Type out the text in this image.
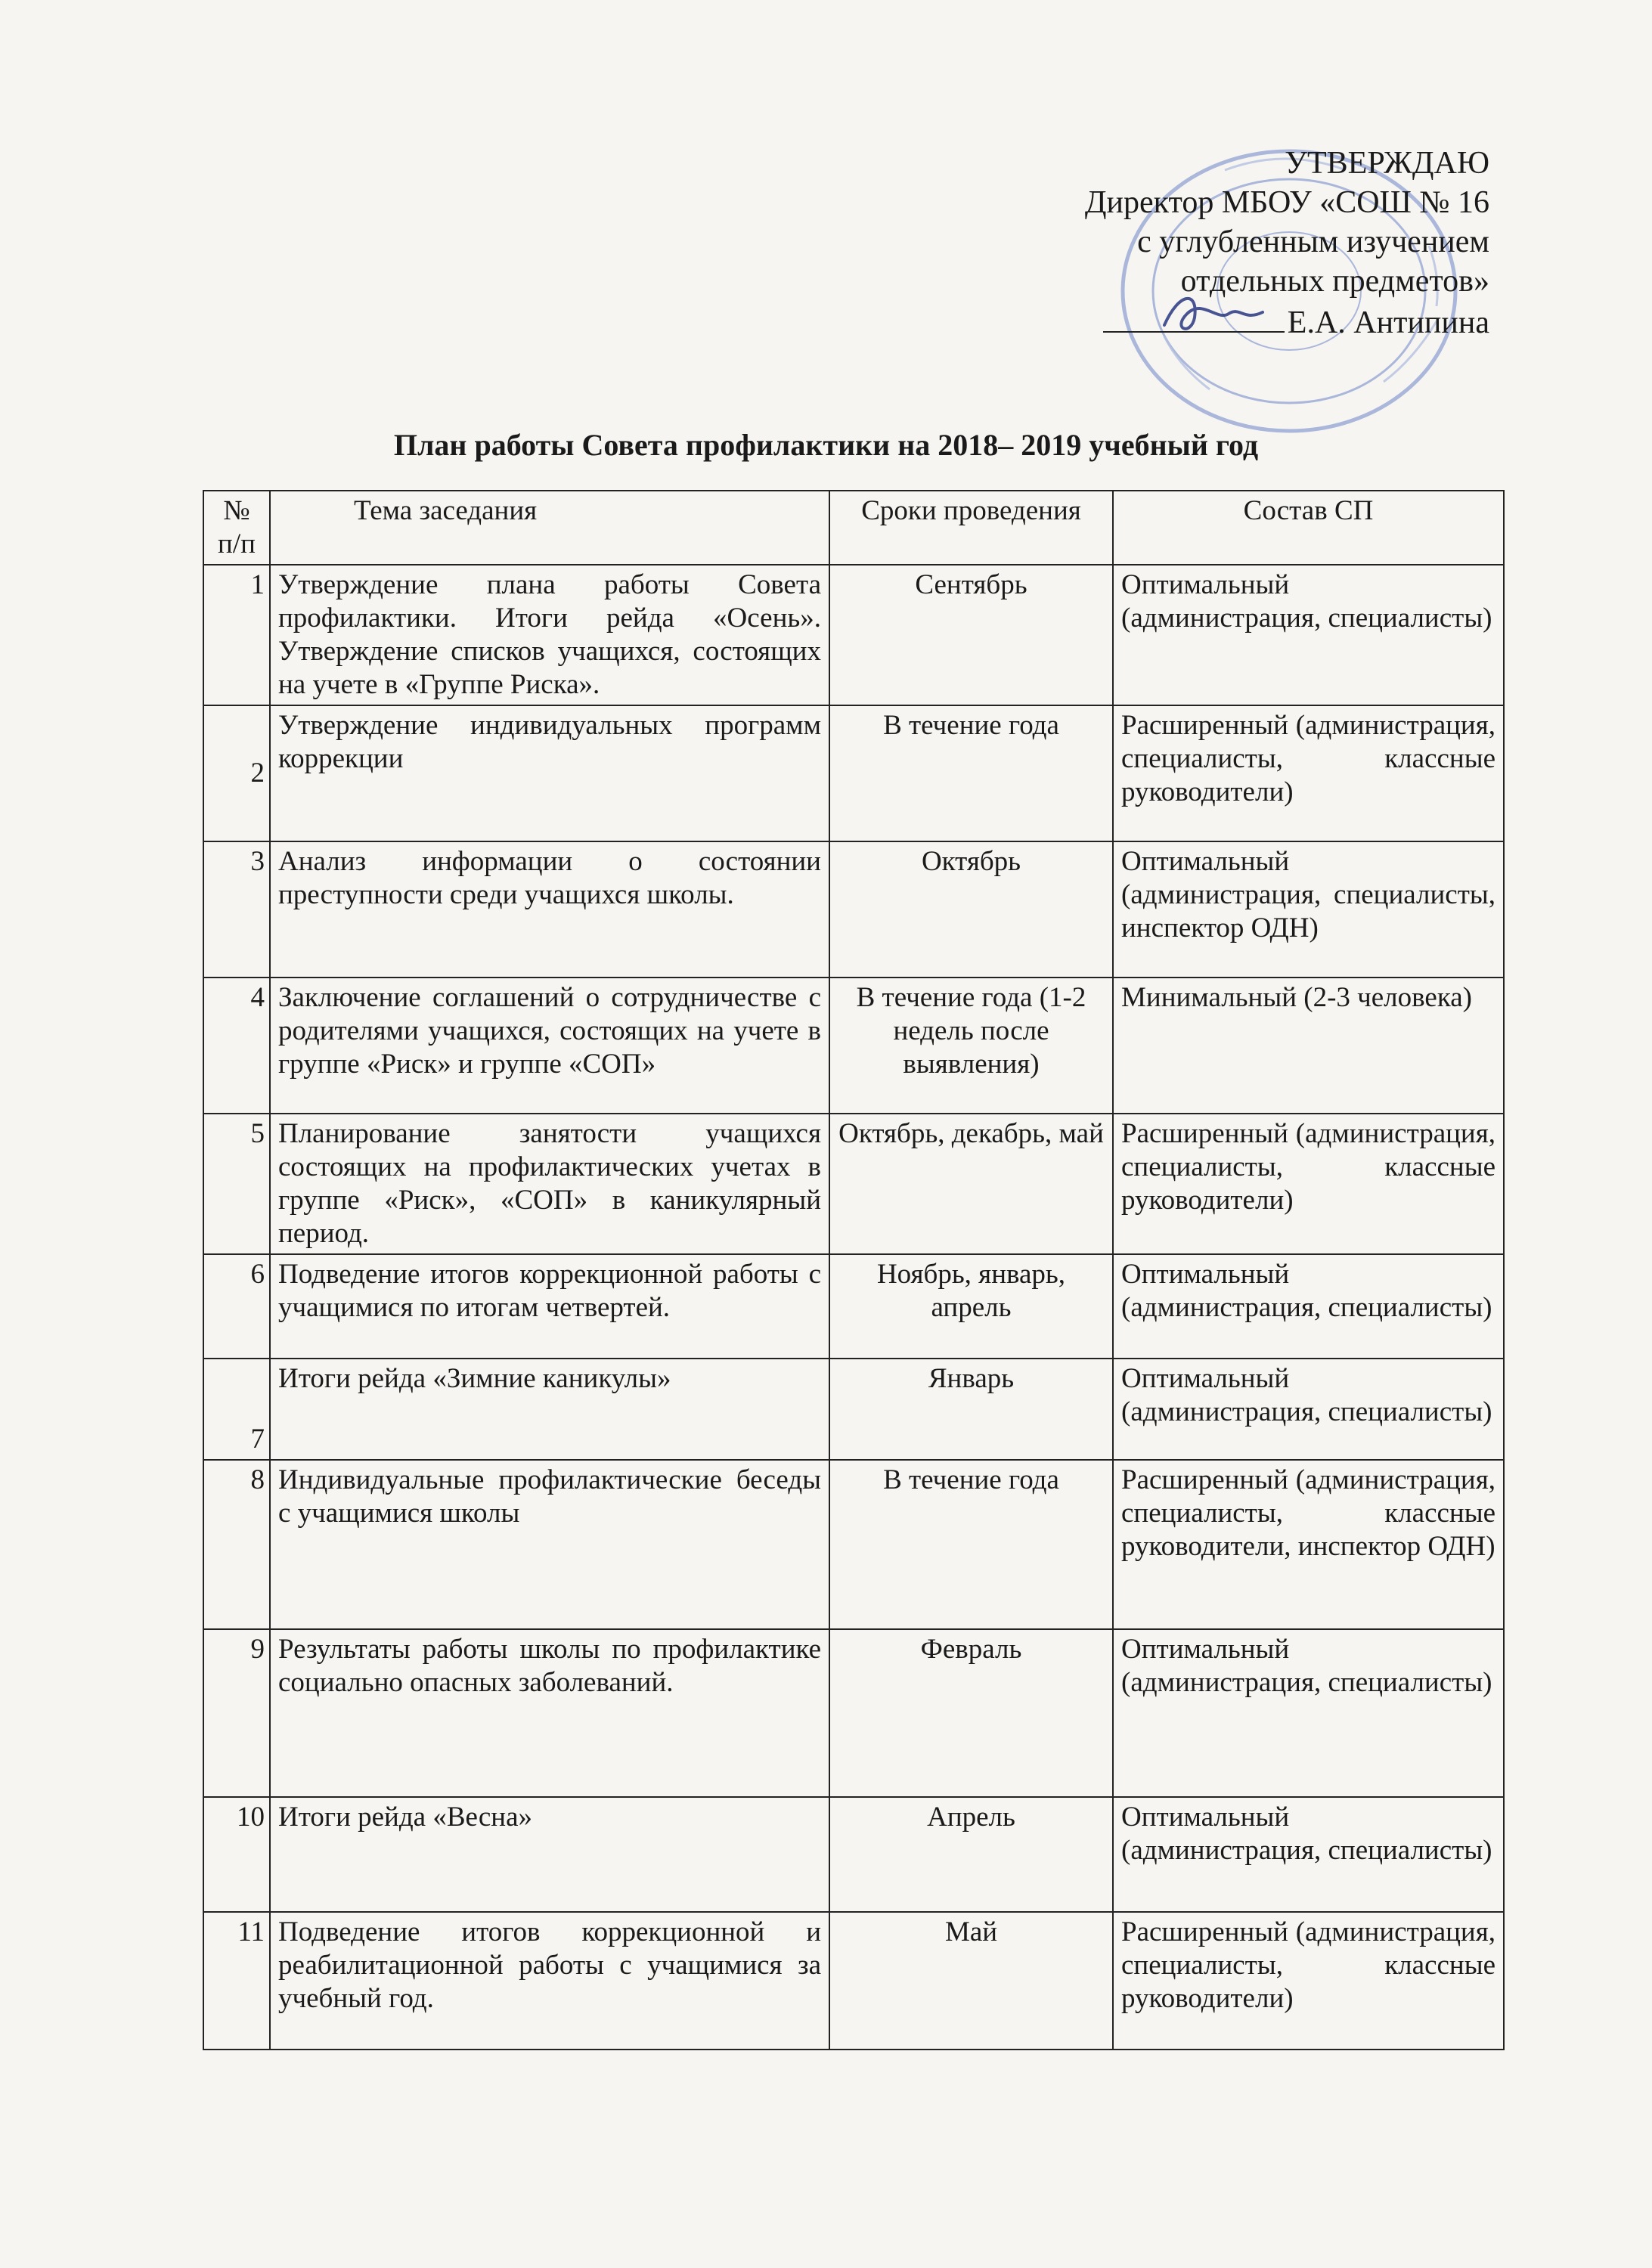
УТВЕРЖДАЮ
Директор МБОУ «СОШ № 16
с углубленным изучением
отдельных предметов»
Е.А. Антипина
План работы Совета профилактики на 2018– 2019 учебный год
№ п/п	Тема заседания	Сроки проведения	Состав СП
1	Утверждение плана работы Совета профилактики. Итоги рейда «Осень». Утверждение списков учащихся, состоящих на учете в «Группе Риска».	Сентябрь	Оптимальный (администрация, специалисты)
2	Утверждение индивидуальных программ коррекции	В течение года	Расширенный (администрация, специалисты, классные руководители)
3	Анализ информации о состоянии преступности среди учащихся школы.	Октябрь	Оптимальный (администрация, специалисты, инспектор ОДН)
4	Заключение соглашений о сотрудничестве с родителями учащихся, состоящих на учете в группе «Риск» и группе «СОП»	В течение года (1-2 недель после выявления)	Минимальный (2-3 человека)
5	Планирование занятости учащихся состоящих на профилактических учетах в группе «Риск», «СОП» в каникулярный период.	Октябрь, декабрь, май	Расширенный (администрация, специалисты, классные руководители)
6	Подведение итогов коррекционной работы с учащимися по итогам четвертей.	Ноябрь, январь, апрель	Оптимальный (администрация, специалисты)
7	Итоги рейда «Зимние каникулы»	Январь	Оптимальный (администрация, специалисты)
8	Индивидуальные профилактические беседы с учащимися школы	В течение года	Расширенный (администрация, специалисты, классные руководители, инспектор ОДН)
9	Результаты работы школы по профилактике социально опасных заболеваний.	Февраль	Оптимальный (администрация, специалисты)
10	Итоги рейда «Весна»	Апрель	Оптимальный (администрация, специалисты)
11	Подведение итогов коррекционной и реабилитационной работы с учащимися за учебный год.	Май	Расширенный (администрация, специалисты, классные руководители)
